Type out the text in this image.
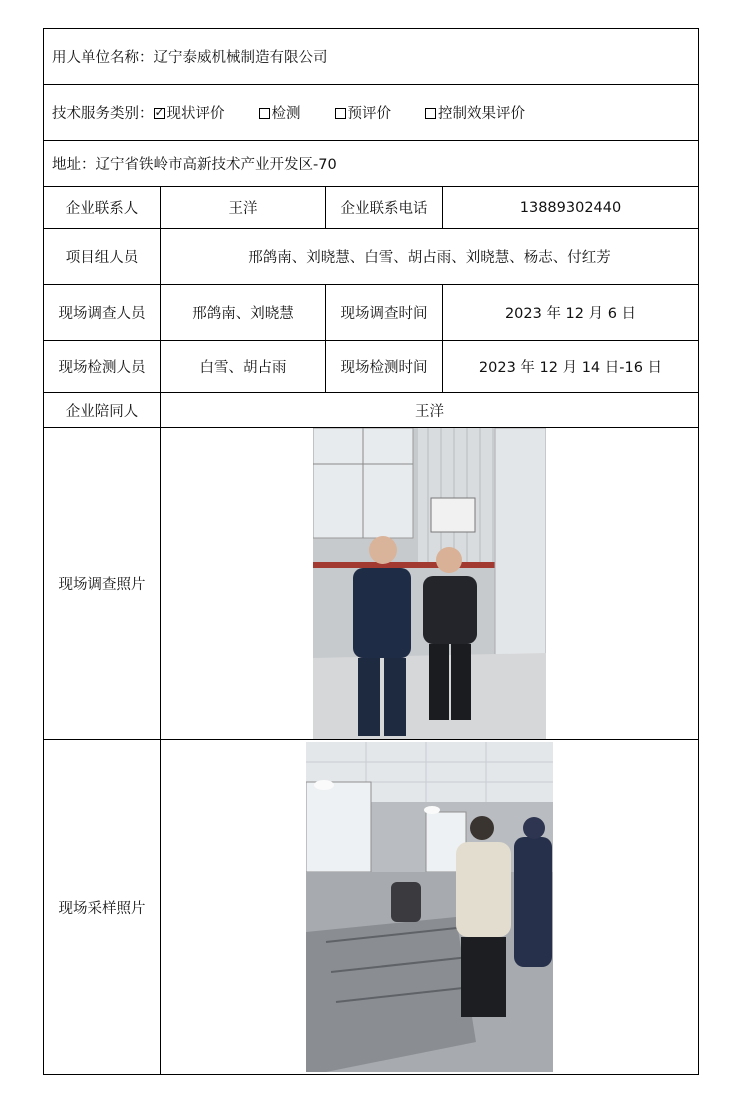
用人单位名称：辽宁泰威机械制造有限公司			
技术服务类别： ✓ 现状评价 检测 预评价 控制效果评价
地址：辽宁省铁岭市高新技术产业开发区-70			
企业联系人	王洋	企业联系电话	13889302440
项目组人员	邢鸽南、刘晓慧、白雪、胡占雨、刘晓慧、杨志、付红芳		
现场调查人员	邢鸽南、刘晓慧	现场调查时间	2023 年 12 月 6 日
现场检测人员	白雪、胡占雨	现场检测时间	2023 年 12 月 14 日-16 日
企业陪同人	王洋		
现场调查照片	

现场采样照片	
